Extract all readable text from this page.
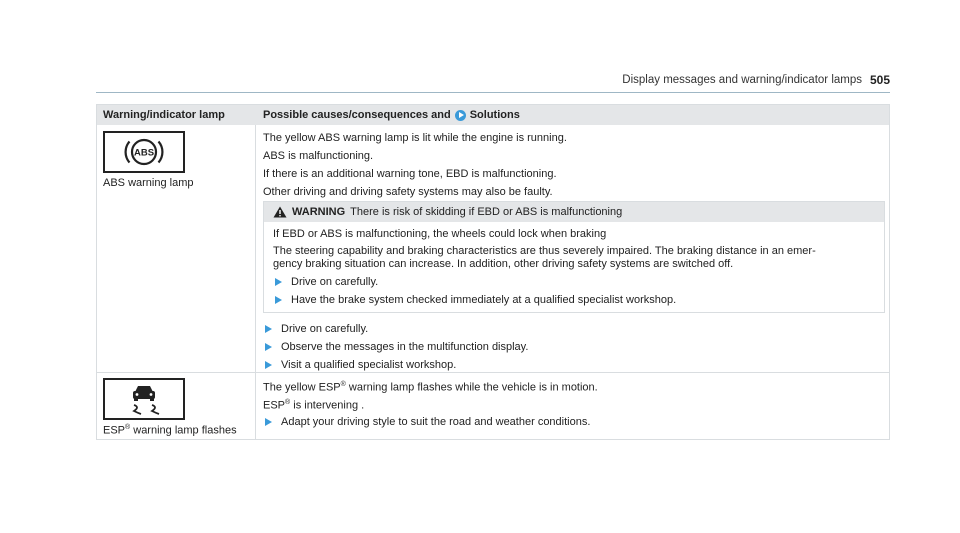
Display messages and warning/indicator lamps 505
Warning/indicator lamp	Possible causes/consequences and Solutions
ABS
ABS warning lamp
The yellow ABS warning lamp is lit while the engine is running.
ABS is malfunctioning.
If there is an additional warning tone, EBD is malfunctioning.
Other driving and driving safety systems may also be faulty.
WARNING There is risk of skidding if EBD or ABS is malfunctioning
If EBD or ABS is malfunctioning, the wheels could lock when braking
The steering capability and braking characteristics are thus severely impaired. The braking distance in an emer-
gency braking situation can increase. In addition, other driving safety systems are switched off.
Drive on carefully.
Have the brake system checked immediately at a qualified specialist workshop.
Drive on carefully.
Observe the messages in the multifunction display.
Visit a qualified specialist workshop.
ESP® warning lamp flashes
The yellow ESP® warning lamp flashes while the vehicle is in motion.
ESP® is intervening .
Adapt your driving style to suit the road and weather conditions.
